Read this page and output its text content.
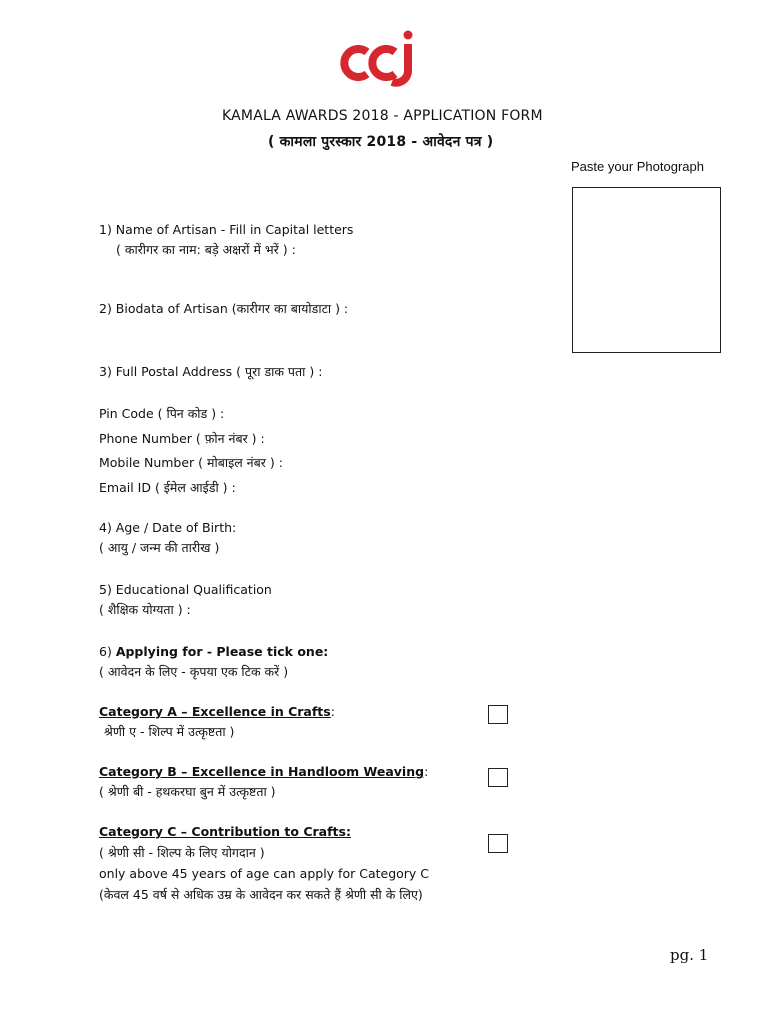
cci
KAMALA AWARDS 2018 - APPLICATION FORM
( कामला पुरस्कार 2018 - आवेदन पत्र )
Paste your Photograph
1) Name of Artisan - Fill in Capital letters
( कारीगर का नाम: बड़े अक्षरों में भरें ) :
2) Biodata of Artisan (कारीगर का बायोडाटा ) :
3) Full Postal Address ( पूरा डाक पता ) :
Pin Code ( पिन कोड ) :
Phone Number ( फ़ोन नंबर ) :
Mobile Number ( मोबाइल नंबर ) :
Email ID ( ईमेल आईडी ) :
4) Age / Date of Birth:
( आयु / जन्म की तारीख )
5) Educational Qualification
( शैक्षिक योग्यता ) :
6) Applying for - Please tick one:
( आवेदन के लिए - कृपया एक टिक करें )
Category A – Excellence in Crafts:
श्रेणी ए - शिल्प में उत्कृष्टता )
Category B – Excellence in Handloom Weaving:
( श्रेणी बी - हथकरघा बुन में उत्कृष्टता )
Category C – Contribution to Crafts:
( श्रेणी सी - शिल्प के लिए योगदान )
only above 45 years of age can apply for Category C
(केवल 45 वर्ष से अधिक उम्र के आवेदन कर सकते हैं श्रेणी सी के लिए)
pg. 1
